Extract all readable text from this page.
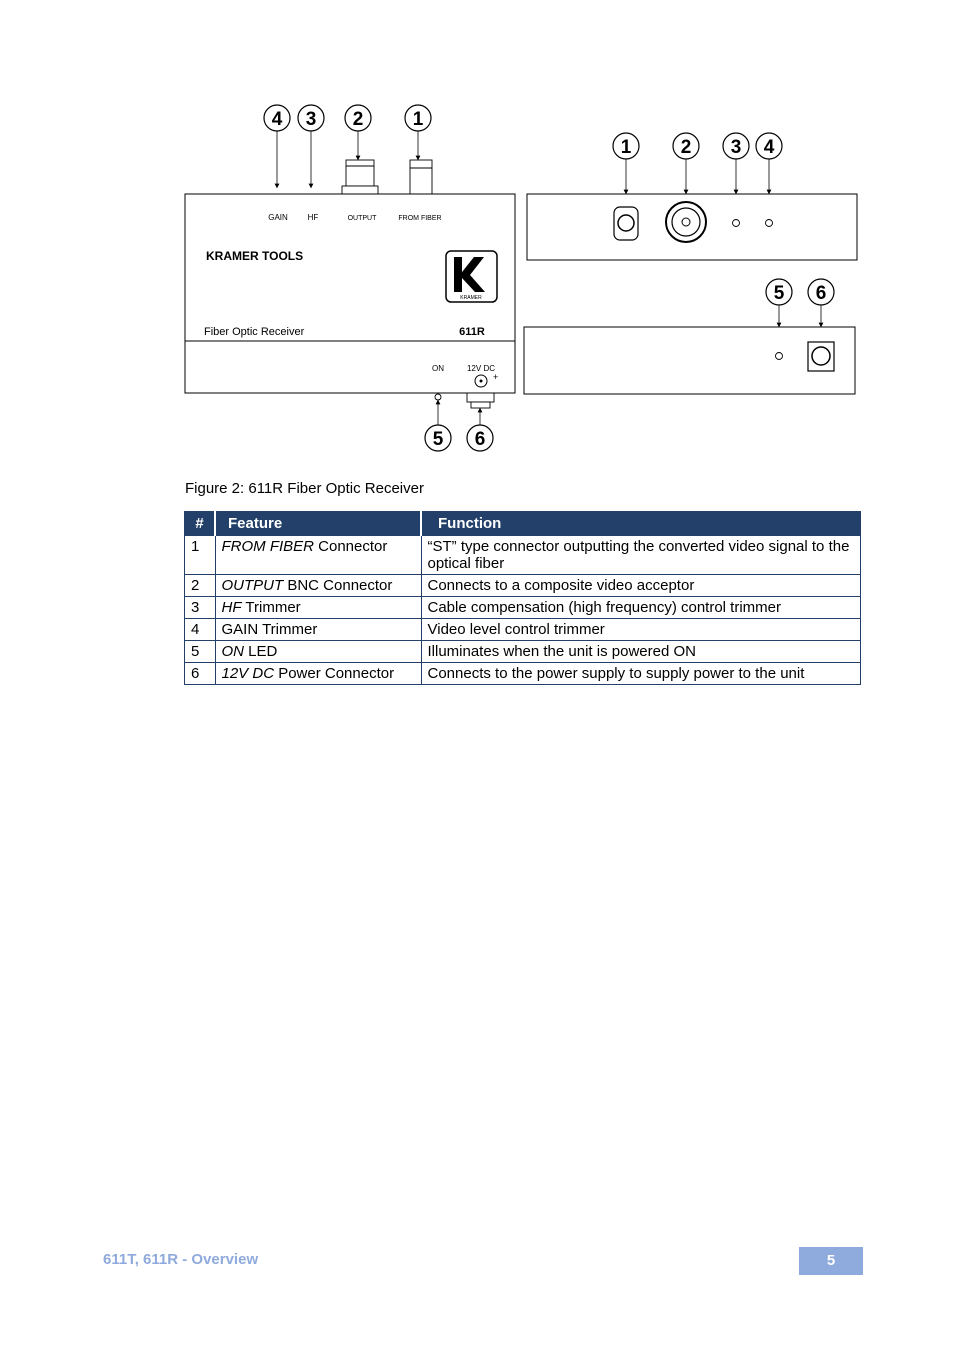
4 3 2	1
GAIN HF	OUTPUT	FROM FIBER
KRAMER TOOLS
KRAMER
Fiber Optic Receiver	611R
ON	12V DC
+
5 6
1	2 3 4
5 6
Figure 2: 611R Fiber Optic Receiver
#	Feature	Function
1	FROM FIBER Connector	“ST” type connector outputting the converted video signal to the optical fiber
2	OUTPUT BNC Connector	Connects to a composite video acceptor
3	HF Trimmer	Cable compensation (high frequency) control trimmer
4	GAIN Trimmer	Video level control trimmer
5	ON LED	Illuminates when the unit is powered ON
6	12V DC Power Connector	Connects to the power supply to supply power to the unit
611T, 611R - Overview	5
